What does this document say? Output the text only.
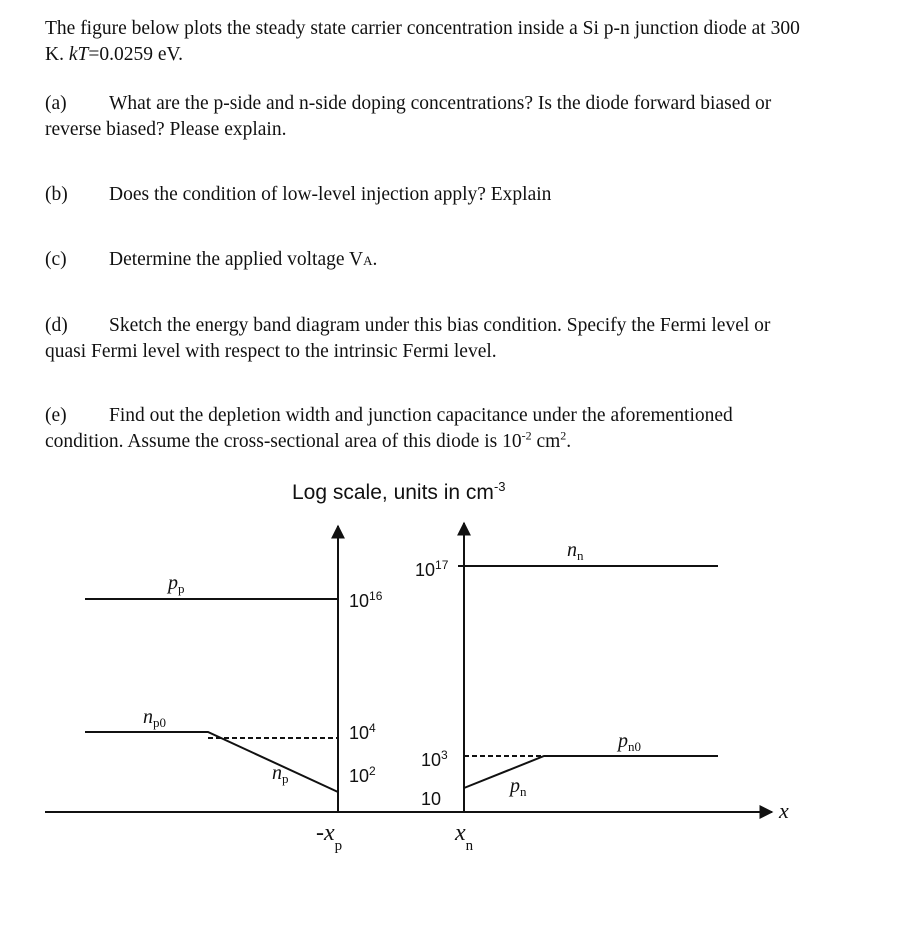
The figure below plots the steady state carrier concentration inside a Si p-n junction diode at 300
K. kT=0.0259 eV.
(a) What are the p-side and n-side doping concentrations? Is the diode forward biased or
reverse biased? Please explain.
(b) Does the condition of low-level injection apply? Explain
(c) Determine the applied voltage VA.
(d) Sketch the energy band diagram under this bias condition. Specify the Fermi level or
quasi Fermi level with respect to the intrinsic Fermi level.
(e) Find out the depletion width and junction capacitance under the aforementioned
condition. Assume the cross-sectional area of this diode is $10^{-2}$ $cm^2$.
Log scale, units in $cm^{-3}$
$10^{16}$
$10^{17}$
$10^4$
$10^3$
$10^2$
10
$p_p$
$n_{p0}$
$n_p$
$n_n$
$p_{n0}$
$p_n$
x
$-x_p$	$x_n$
